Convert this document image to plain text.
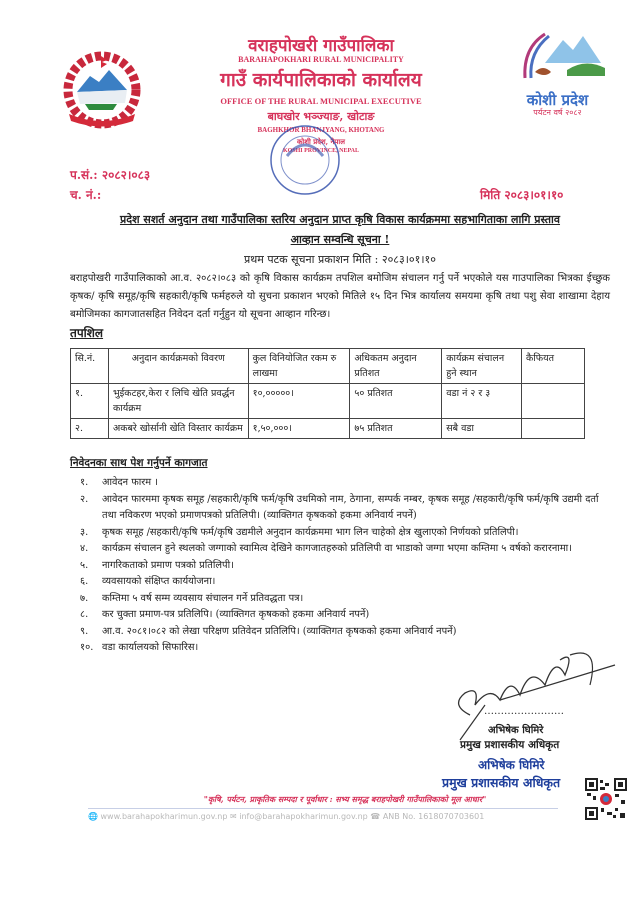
कोशी प्रदेश
पर्यटन वर्ष २०८२
वराहपोखरी गाउँपालिका
BARAHAPOKHARI RURAL MUNICIPALITY
गाउँ कार्यपालिकाको कार्यालय
OFFICE OF THE RURAL MUNICIPAL EXECUTIVE
बाघखोर भञ्ज्याङ, खोटाङ
BAGHKHOR BHANJYANG, KHOTANG
कोशी प्रदेश, नेपाल
KOSHI PROVINCE, NEPAL
प.सं.: २०८२।०८३
च. नं.:	मिति २०८३।०१।१०
प्रदेश सशर्त अनुदान तथा गाउँपालिका स्तरिय अनुदान प्राप्त कृषि विकास कार्यक्रममा सहभागिताका लागि प्रस्ताव
आव्हान सम्वन्धि सूचना !
प्रथम पटक सूचना प्रकाशन मिति : २०८३।०१।१०
बराहपोखरी गाउँपालिकाको आ.व. २०८२।०८३ को कृषि विकास कार्यक्रम तपशिल बमोजिम संचालन गर्नु पर्ने भएकोले यस गाउपालिका भित्रका ईच्छुक कृषक/ कृषि समूह/कृषि सहकारी/कृषि फर्महरुले यो सुचना प्रकाशन भएको मितिले १५ दिन भित्र कार्यालय समयमा कृषि तथा पशु सेवा शाखामा देहाय बमोजिमका कागजातसहित निवेदन दर्ता गर्नुहुन यो सूचना आव्हान गरिन्छ।
तपशिल
सि.नं.	अनुदान कार्यक्रमको विवरण	कुल विनियोजित रकम रु लाखमा	अधिकतम अनुदान प्रतिशत	कार्यक्रम संचालन हुने स्थान	कैफियत
१.	भुईकटहर,केरा र लिचि खेति प्रवर्द्धन कार्यक्रम	१०,०००००।	५० प्रतिशत	वडा नं २ र ३	
२.	अकबरे खोर्सानी खेति विस्तार कार्यक्रम	१,५०,०००।	७५ प्रतिशत	सबै वडा	
निवेदनका साथ पेश गर्नुपर्ने कागजात
१.	आवेदन फारम ।
२.	आवेदन फारममा कृषक समूह /सहकारी/कृषि फर्म/कृषि उधमिको नाम, ठेगाना, सम्पर्क नम्बर, कृषक समूह /सहकारी/कृषि फर्म/कृषि उद्यमी दर्ता तथा नविकरण भएको प्रमाणपत्रको प्रतिलिपी। (व्याक्तिगत कृषकको हकमा अनिवार्य नपर्ने)
३.	कृषक समूह /सहकारी/कृषि फर्म/कृषि उद्यमीले अनुदान कार्यक्रममा भाग लिन चाहेको क्षेत्र खुलाएको निर्णयको प्रतिलिपी।
४.	कार्यक्रम संचालन हुने स्थलको जग्गाको स्वामित्व देखिने कागजातहरुको प्रतिलिपी वा भाडाको जग्गा भएमा कम्तिमा ५ वर्षको करारनामा।
५.	नागरिकताको प्रमाण पत्रको प्रतिलिपी।
६.	व्यवसायको संक्षिप्त कार्ययोजना।
७.	कम्तिमा ५ वर्ष सम्म व्यवसाय संचालन गर्ने प्रतिवद्धता पत्र।
८.	कर चुक्ता प्रमाण-पत्र प्रतिलिपि। (व्याक्तिगत कृषकको हकमा अनिवार्य नपर्ने)
९.	आ.व. २०८१।०८२ को लेखा परिक्षण प्रतिवेदन प्रतिलिपि। (व्याक्तिगत कृषकको हकमा अनिवार्य नपर्ने)
१०. वडा कार्यालयको सिफारिस।
……………………
अभिषेक घिमिरे
प्रमुख प्रशासकीय अधिकृत
अभिषेक घिमिरे
प्रमुख प्रशासकीय अधिकृत
"कृषि, पर्यटन, प्राकृतिक सम्पदा र पूर्वाधार : सभ्य समृद्ध बराहपोखरी गाउँपालिकाको मूल आधार"
🌐 www.barahapokharimun.gov.np ✉ info@barahapokharimun.gov.np ☎ ANB No. 1618070703601
